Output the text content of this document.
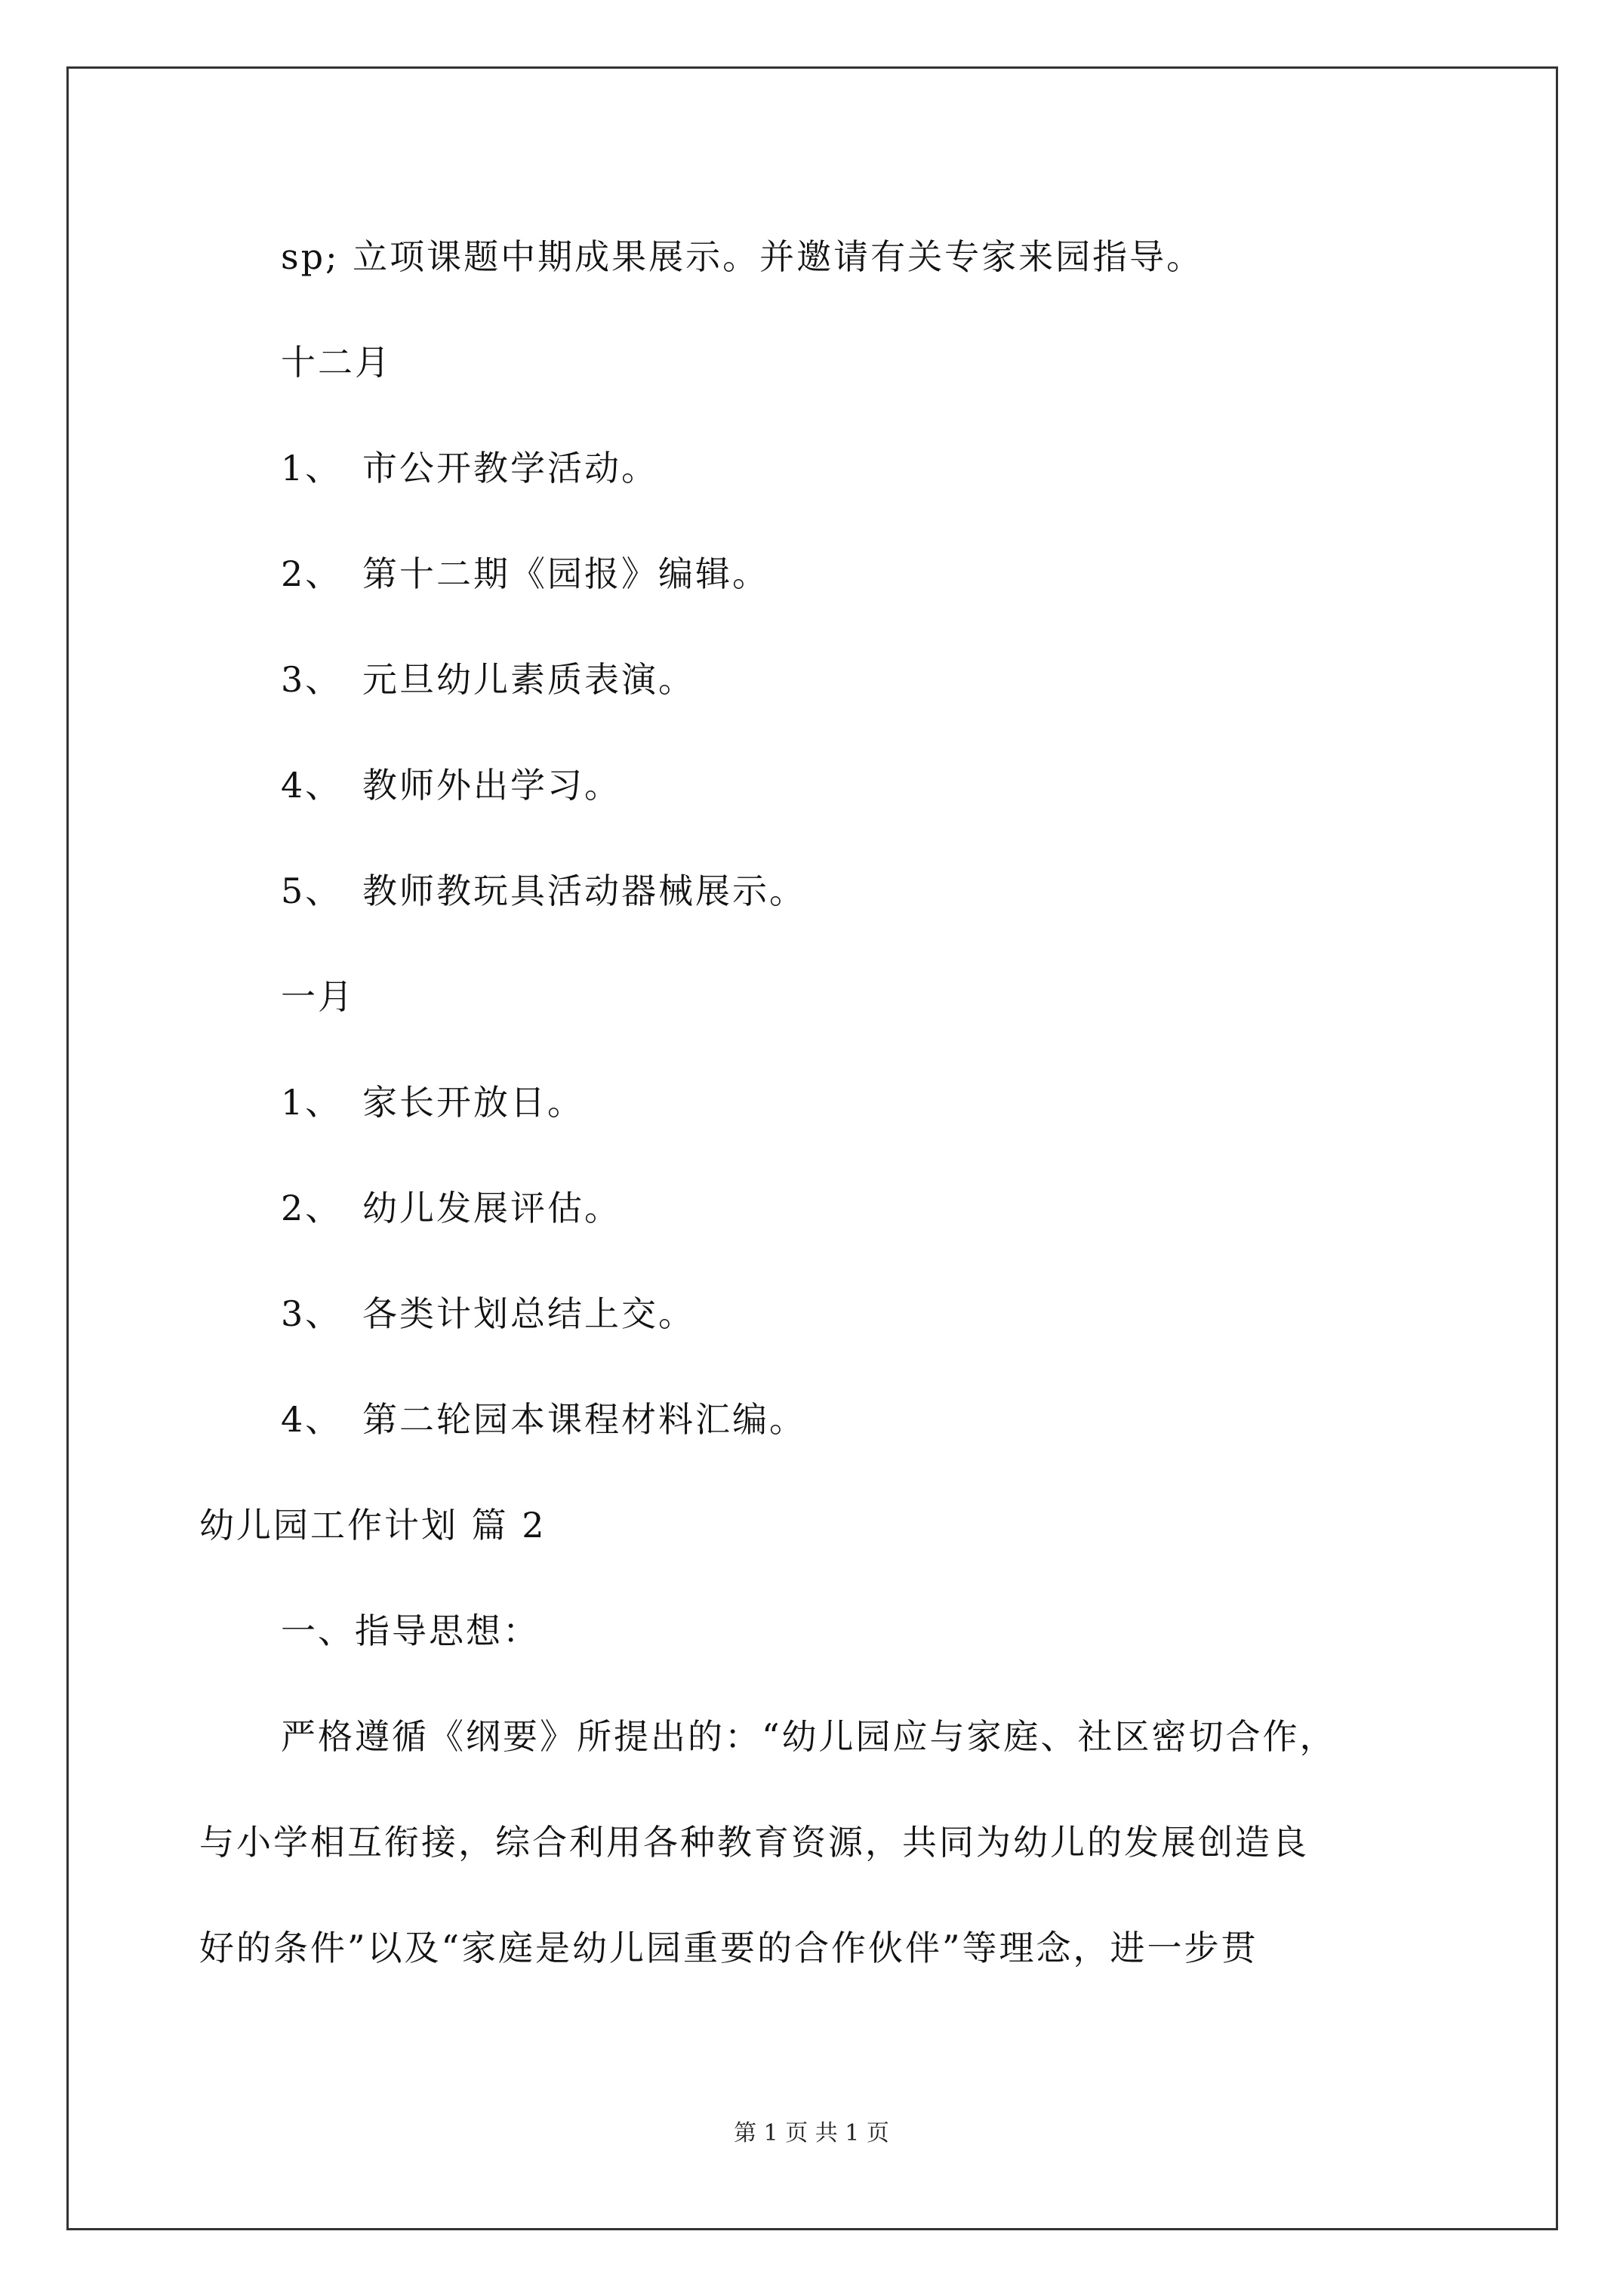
sp; 立项课题中期成果展示。并邀请有关专家来园指导。
十二月
1、 市公开教学活动。
2、 第十二期《园报》编辑。
3、 元旦幼儿素质表演。
4、 教师外出学习。
5、 教师教玩具活动器械展示。
一月
1、 家长开放日。
2、 幼儿发展评估。
3、 各类计划总结上交。
4、 第二轮园本课程材料汇编。
幼儿园工作计划 篇 2
一、指导思想：
严格遵循《纲要》所提出的：“幼儿园应与家庭、社区密切合作，
与小学相互衔接，综合利用各种教育资源，共同为幼儿的发展创造良
好的条件”以及“家庭是幼儿园重要的合作伙伴”等理念，进一步贯
第 1 页 共 1 页
